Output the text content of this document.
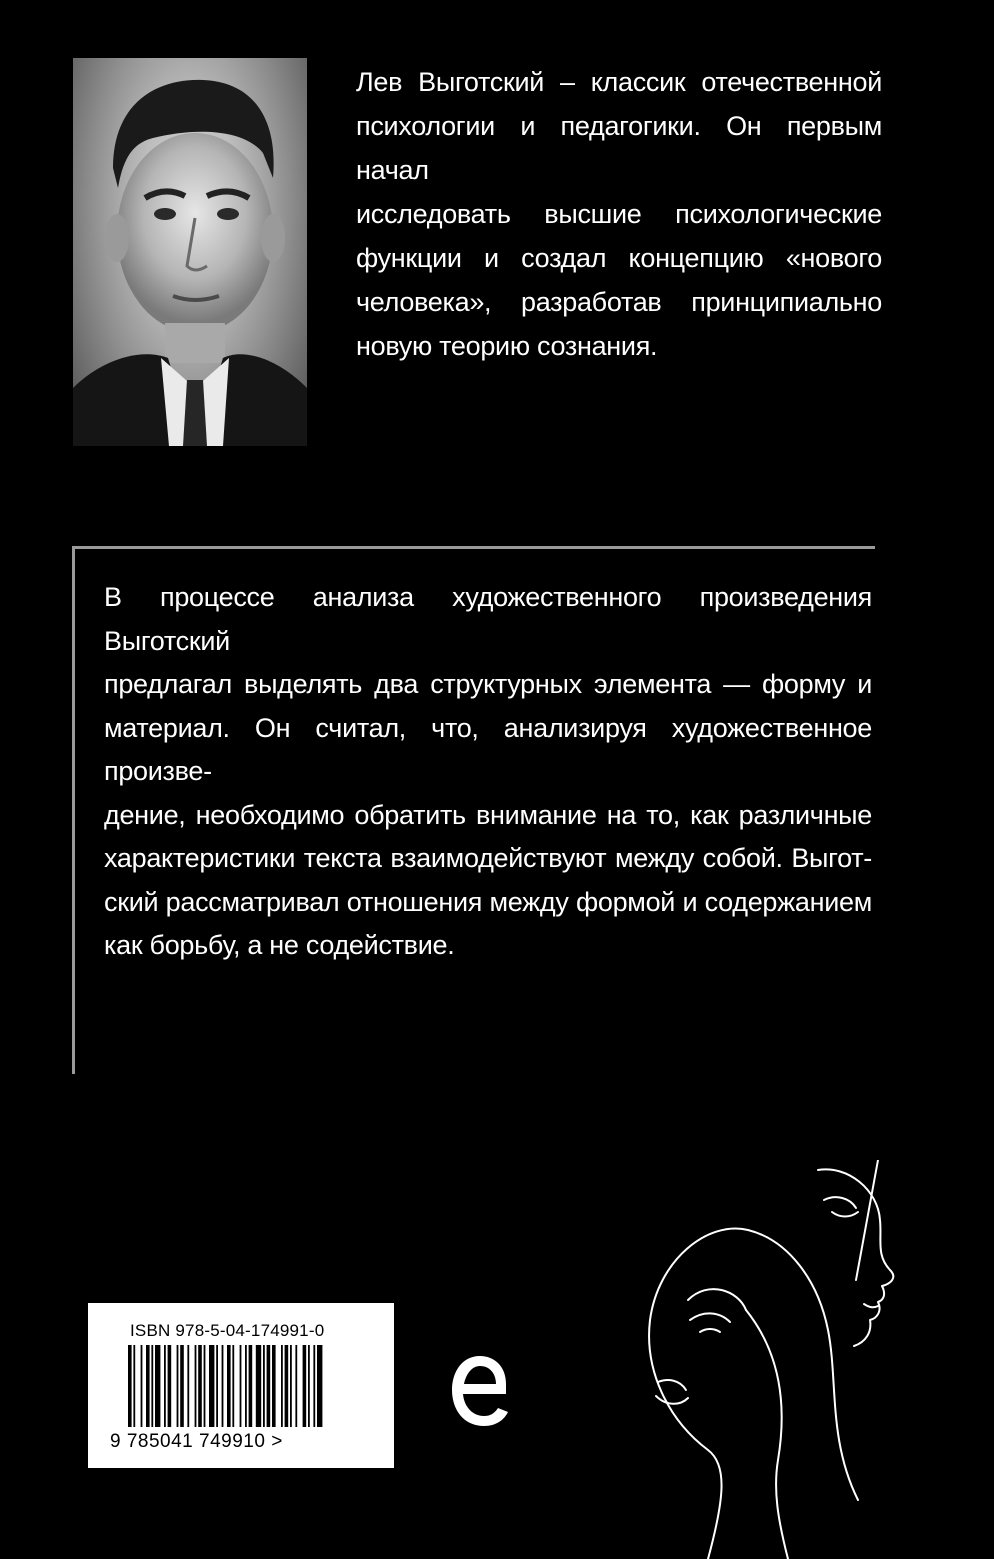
Лев Выготский – классик отечественной
психологии и педагогики. Он первым начал
исследовать высшие психологические
функции и создал концепцию «нового
человека», разработав принципиально
новую теорию сознания.
В процессе анализа художественного произведения Выготский
предлагал выделять два структурных элемента — форму и
материал. Он считал, что, анализируя художественное произве-
дение, необходимо обратить внимание на то, как различные
характеристики текста взаимодействуют между собой. Выгот-
ский рассматривал отношения между формой и содержанием
как борьбу, а не содействие.
ISBN 978-5-04-174991-0
9 785041 749910 >
